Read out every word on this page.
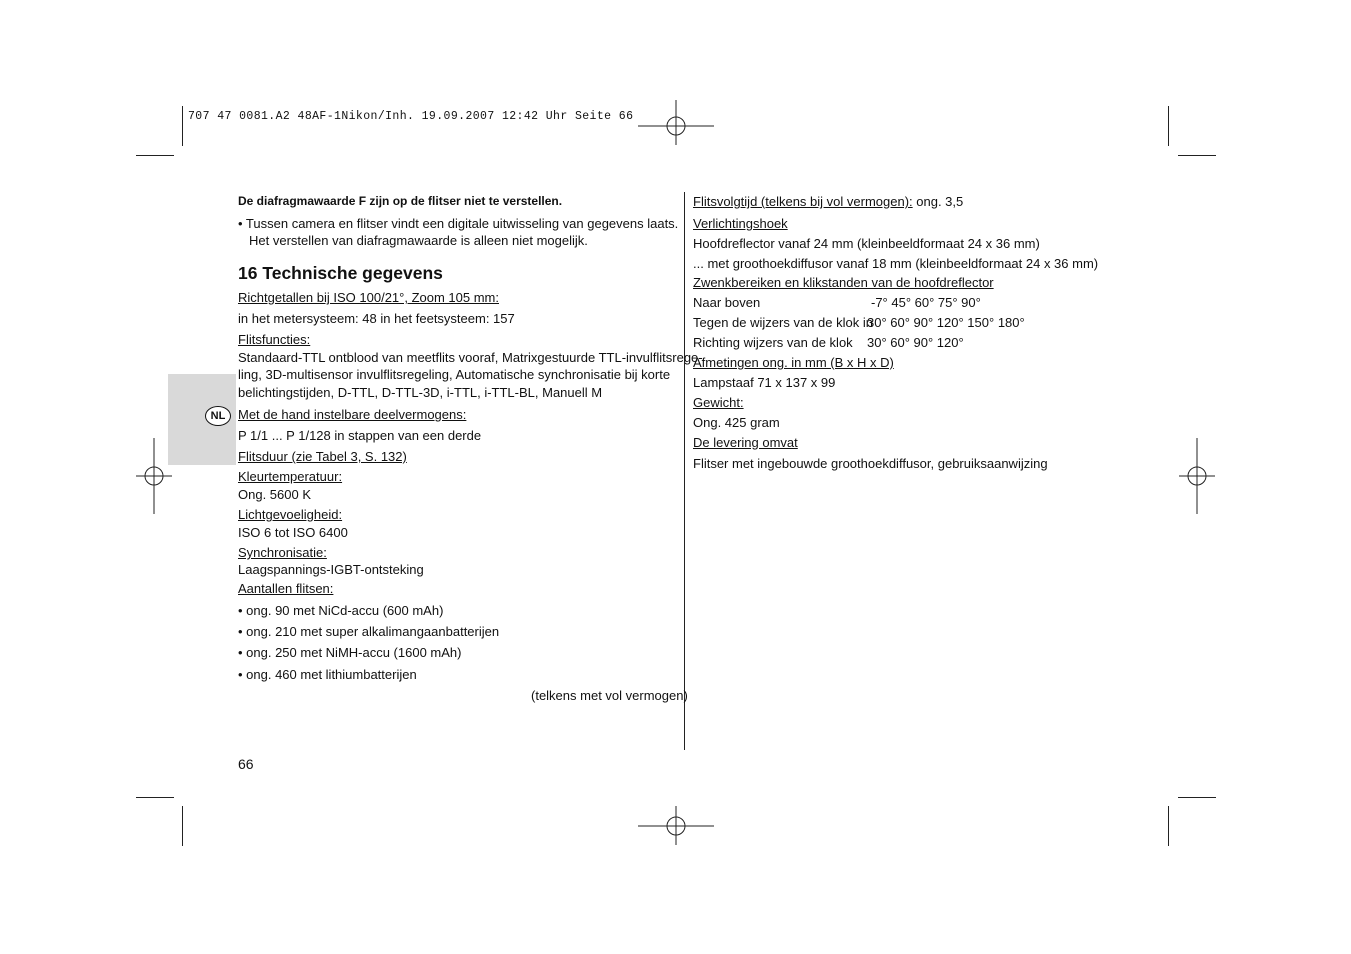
707 47 0081.A2 48AF-1Nikon/Inh. 19.09.2007 12:42 Uhr Seite 66
NL
De diafragmawaarde F zijn op de flitser niet te verstellen.
• Tussen camera en flitser vindt een digitale uitwisseling van gegevens laats.
Het verstellen van diafragmawaarde is alleen niet mogelijk.
16 Technische gegevens
Richtgetallen bij ISO 100/21°, Zoom 105 mm:
in het metersysteem: 48 in het feetsysteem: 157
Flitsfuncties:
Standaard-TTL ontblood van meetflits vooraf, Matrixgestuurde TTL-invulflitsrege-
ling, 3D-multisensor invulflitsregeling, Automatische synchronisatie bij korte
belichtingstijden, D-TTL, D-TTL-3D, i-TTL, i-TTL-BL, Manuell M
Met de hand instelbare deelvermogens:
P 1/1 ... P 1/128 in stappen van een derde
Flitsduur (zie Tabel 3, S. 132)
Kleurtemperatuur:
Ong. 5600 K
Lichtgevoeligheid:
ISO 6 tot ISO 6400
Synchronisatie:
Laagspannings-IGBT-ontsteking
Aantallen flitsen:
• ong. 90 met NiCd-accu (600 mAh)
• ong. 210 met super alkalimangaanbatterijen
• ong. 250 met NiMH-accu (1600 mAh)
• ong. 460 met lithiumbatterijen
(telkens met vol vermogen)
66
Flitsvolgtijd (telkens bij vol vermogen): ong. 3,5
Verlichtingshoek
Hoofdreflector vanaf 24 mm (kleinbeeldformaat 24 x 36 mm)
... met groothoekdiffusor vanaf 18 mm (kleinbeeldformaat 24 x 36 mm)
Zwenkbereiken en klikstanden van de hoofdreflector
Naar boven	-7° 45° 60° 75° 90°
Tegen de wijzers van de klok in
30° 60° 90° 120° 150° 180°
Richting wijzers van de klok 30° 60° 90° 120°
Afmetingen ong. in mm (B x H x D)
Lampstaaf 71 x 137 x 99
Gewicht:
Ong. 425 gram
De levering omvat
Flitser met ingebouwde groothoekdiffusor, gebruiksaanwijzing
